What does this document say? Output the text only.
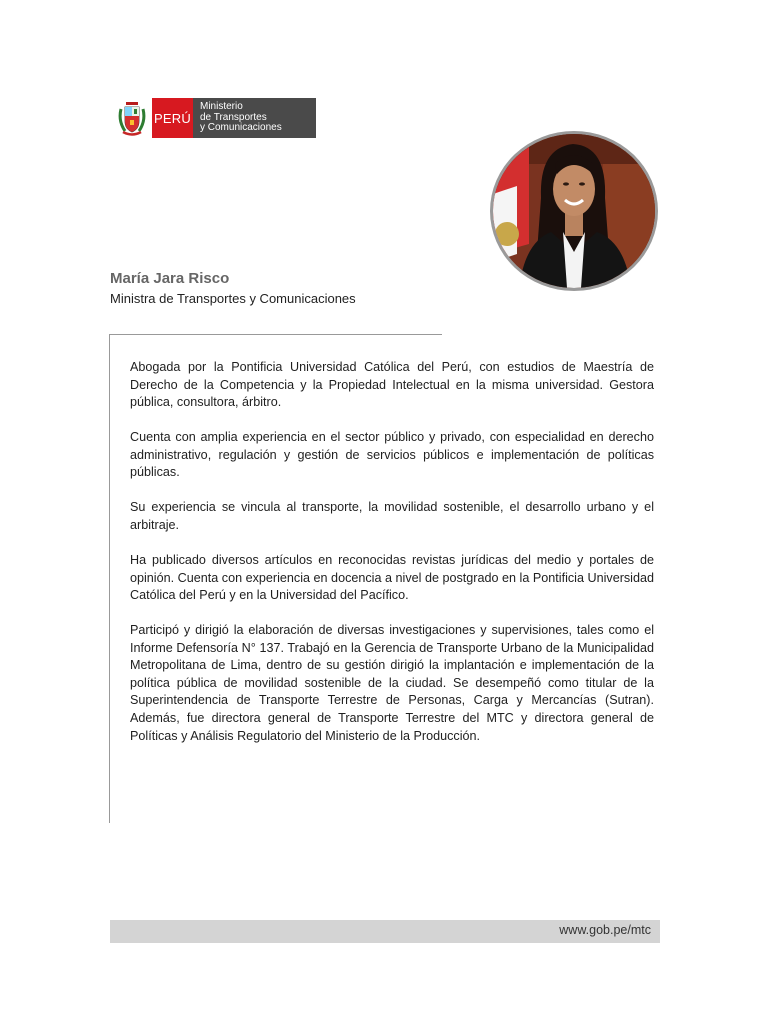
PERÚ
Ministerio
de Transportes
y Comunicaciones
María Jara Risco

Ministra de Transportes y Comunicaciones

Abogada por la Pontificia Universidad Católica del Perú, con estudios de Maestría de Derecho de la Competencia y la Propiedad Intelectual en la misma universidad. Gestora pública, consultora, árbitro.

Cuenta con amplia experiencia en el sector público y privado, con especialidad en derecho administrativo, regulación y gestión de servicios públicos e implementación de políticas públicas.

Su experiencia se vincula al transporte, la movilidad sostenible, el desarrollo urbano y el arbitraje.

Ha publicado diversos artículos en reconocidas revistas jurídicas del medio y portales de opinión. Cuenta con experiencia en docencia a nivel de postgrado en la Pontificia Universidad Católica del Perú y en la Universidad del Pacífico.

Participó y dirigió la elaboración de diversas investigaciones y supervisiones, tales como el Informe Defensoría N° 137. Trabajó en la Gerencia de Transporte Urbano de la Municipalidad Metropolitana de Lima, dentro de su gestión dirigió la implantación e implementación de la política pública de movilidad sostenible de la ciudad. Se desempeñó como titular de la Superintendencia de Transporte Terrestre de Personas, Carga y Mercancías (Sutran). Además, fue directora general de Transporte Terrestre del MTC y directora general de Políticas y Análisis Regulatorio del Ministerio de la Producción.

www.gob.pe/mtc
